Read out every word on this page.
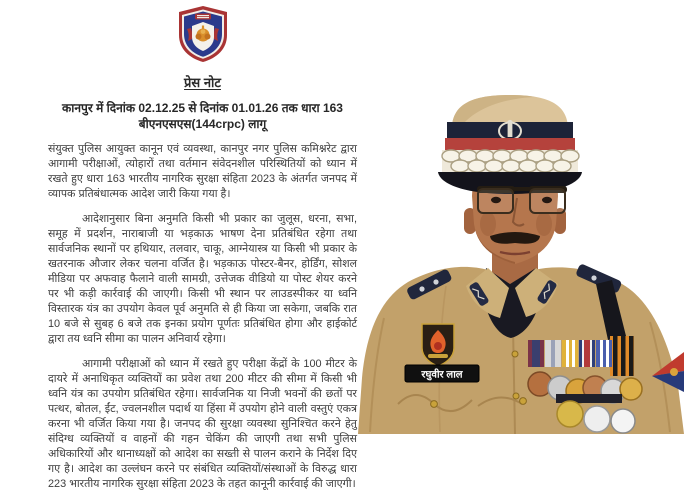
प्रेस नोट
कानपुर में दिनांक 02.12.25 से दिनांक 01.01.26 तक धारा 163
बीएनएसएस(144crpc) लागू

संयुक्त पुलिस आयुक्त कानून एवं व्यवस्था, कानपुर नगर पुलिस कमिश्नरेट द्वारा आगामी परीक्षाओं, त्योहारों तथा वर्तमान संवेदनशील परिस्थितियों को ध्यान में रखते हुए धारा 163 भारतीय नागरिक सुरक्षा संहिता 2023 के अंतर्गत जनपद में व्यापक प्रतिबंधात्मक आदेश जारी किया गया है।

आदेशानुसार बिना अनुमति किसी भी प्रकार का जुलूस, धरना, सभा, समूह में प्रदर्शन, नाराबाजी या भड़काऊ भाषण देना प्रतिबंधित रहेगा तथा सार्वजनिक स्थानों पर हथियार, तलवार, चाकू, आग्नेयास्त्र या किसी भी प्रकार के खतरनाक औजार लेकर चलना वर्जित है। भड़काऊ पोस्टर-बैनर, होर्डिंग, सोशल मीडिया पर अफवाह फैलाने वाली सामग्री, उत्तेजक वीडियो या पोस्ट शेयर करने पर भी कड़ी कार्रवाई की जाएगी। किसी भी स्थान पर लाउडस्पीकर या ध्वनि विस्तारक यंत्र का उपयोग केवल पूर्व अनुमति से ही किया जा सकेगा, जबकि रात 10 बजे से सुबह 6 बजे तक इनका प्रयोग पूर्णतः प्रतिबंधित होगा और हाईकोर्ट द्वारा तय ध्वनि सीमा का पालन अनिवार्य रहेगा।

आगामी परीक्षाओं को ध्यान में रखते हुए परीक्षा केंद्रों के 100 मीटर के दायरे में अनाधिकृत व्यक्तियों का प्रवेश तथा 200 मीटर की सीमा में किसी भी ध्वनि यंत्र का उपयोग प्रतिबंधित रहेगा। सार्वजनिक या निजी भवनों की छतों पर पत्थर, बोतल, ईंट, ज्वलनशील पदार्थ या हिंसा में उपयोग होने वाली वस्तुएं एकत्र करना भी वर्जित किया गया है। जनपद की सुरक्षा व्यवस्था सुनिश्चित करने हेतु संदिग्ध व्यक्तियों व वाहनों की गहन चेकिंग की जाएगी तथा सभी पुलिस अधिकारियों और थानाध्यक्षों को आदेश का सख्ती से पालन कराने के निर्देश दिए गए है। आदेश का उल्लंघन करने पर संबंधित व्यक्तियों/संस्थाओं के विरुद्ध धारा 223 भारतीय नागरिक सुरक्षा संहिता 2023 के तहत कानूनी कार्रवाई की जाएगी।

रघुवीर लाल
